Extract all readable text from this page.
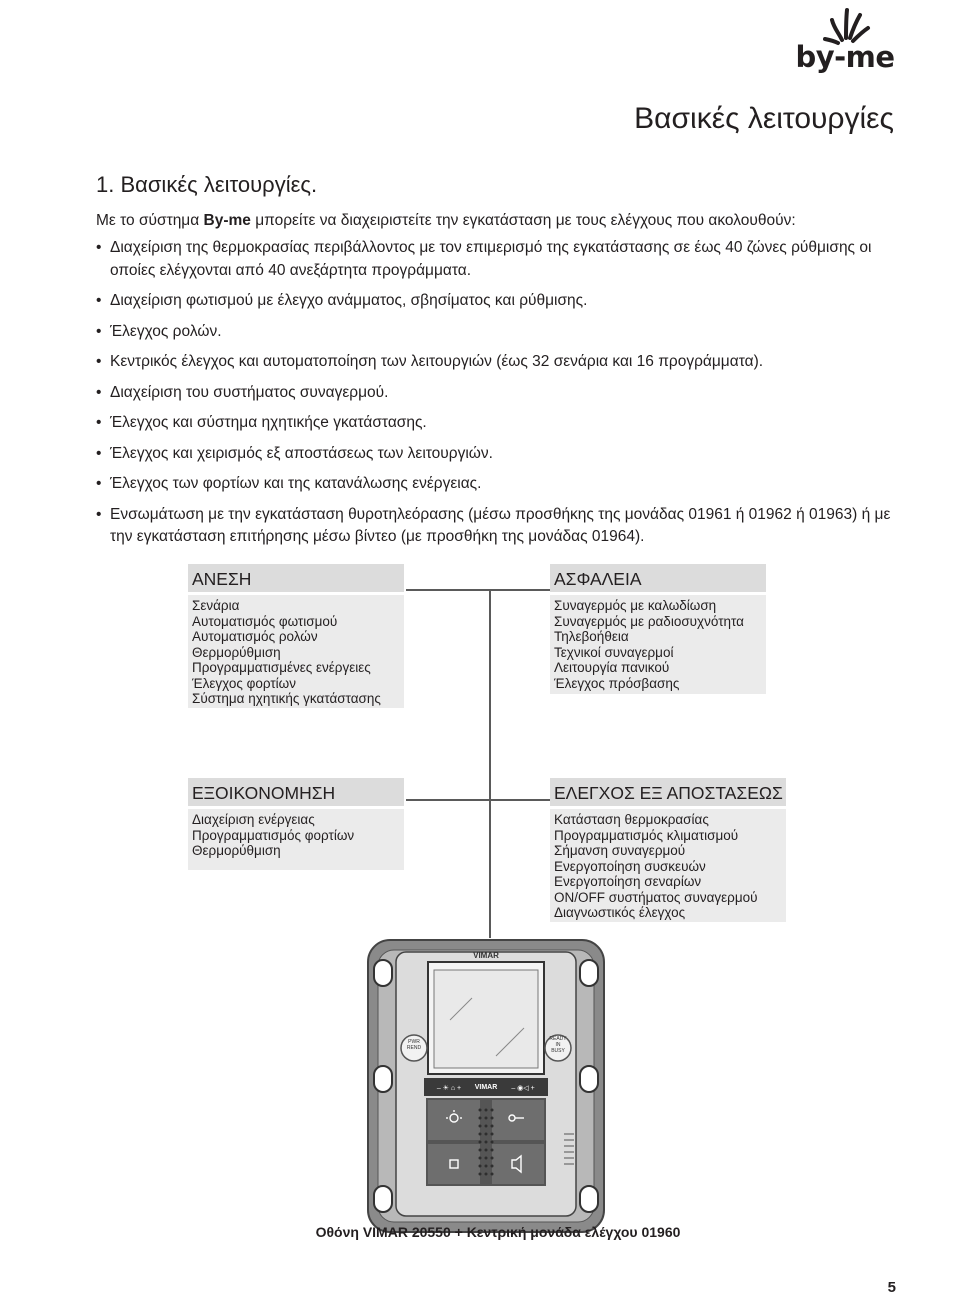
by-me
Βασικές λειτουργίες
1. Βασικές λειτουργίες.
Με το σύστημα By-me μπορείτε να διαχειριστείτε την εγκατάσταση με τους ελέγχους που ακολουθούν:
• Διαχείριση της θερμοκρασίας περιβάλλοντος με τον επιμερισμό της εγκατάστασης σε έως 40 ζώνες ρύθμισης οι οποίες ελέγχονται από 40 ανεξάρτητα προγράμματα.
• Διαχείριση φωτισμού με έλεγχο ανάμματος, σβησίματος και ρύθμισης.
• Έλεγχος ρολών.
• Κεντρικός έλεγχος και αυτοματοποίηση των λειτουργιών (έως 32 σενάρια και 16 προγράμματα).
• Διαχείριση του συστήματος συναγερμού.
• Έλεγχος και σύστημα ηχητικήςe γκατάστασης.
• Έλεγχος και χειρισμός εξ αποστάσεως των λειτουργιών.
• Έλεγχος των φορτίων και της κατανάλωσης ενέργειας.
• Ενσωμάτωση με την εγκατάσταση θυροτηλεόρασης (μέσω προσθήκης της μονάδας 01961 ή 01962 ή 01963) ή με την εγκατάσταση επιτήρησης μέσω βίντεο (με προσθήκη της μονάδας 01964).
ΑΝΕΣΗ
Σενάρια
Αυτοματισμός φωτισμού
Αυτοματισμός ρολών
Θερμορύθμιση
Προγραμματισμένες ενέργειες
Έλεγχος φορτίων
Σύστημα ηχητικής γκατάστασης
ΑΣΦΑΛΕΙΑ
Συναγερμός με καλωδίωση
Συναγερμός με ραδιοσυχνότητα
Τηλεβοήθεια
Τεχνικοί συναγερμοί
Λειτουργία πανικού
Έλεγχος πρόσβασης
ΕΞΟΙΚΟΝΟΜΗΣΗ
Διαχείριση ενέργειας
Προγραμματισμός φορτίων
Θερμορύθμιση
ΕΛΕΓΧΟΣ ΕΞ ΑΠΟΣΤΑΣΕΩΣ
Κατάσταση θερμοκρασίας
Προγραμματισμός κλιματισμού
Σήμανση συναγερμού
Ενεργοποίηση συσκευών
Ενεργοποίηση σεναρίων
ON/OFF συστήματος συναγερμού
Διαγνωστικός έλεγχος
VIMAR
VIMAR
PWR
REND
READY
IN
BUSY
– ☀ ⌂ +	– ◉◁ +
Οθόνη VIMAR 20550 + Κεντρική μονάδα ελέγχου 01960
5
